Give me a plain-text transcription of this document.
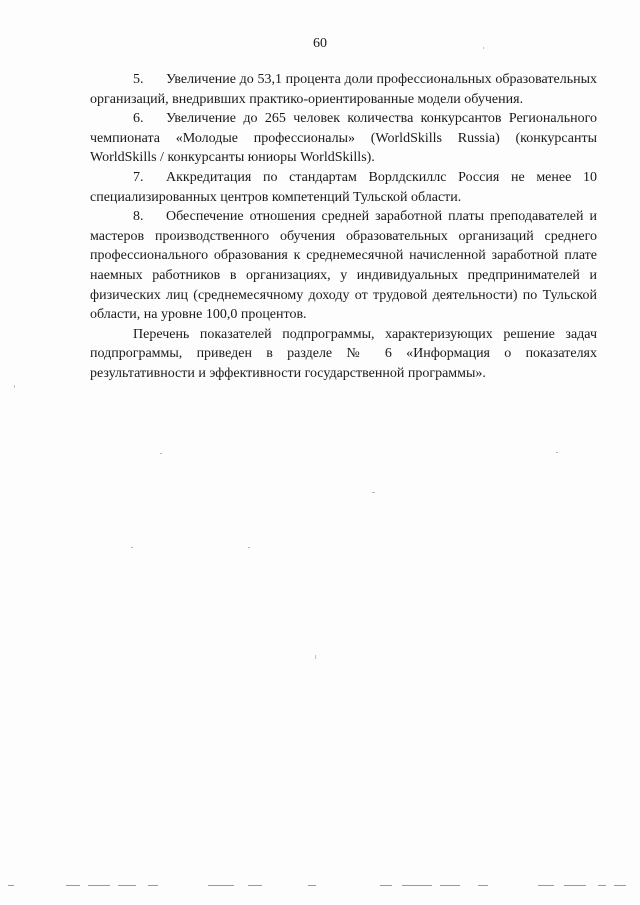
60

5. Увеличение до 53,1 процента доли профессиональных образовательных организаций, внедривших практико-ориентированные модели обучения.

6. Увеличение до 265 человек количества конкурсантов Регионального чемпионата «Молодые профессионалы» (WorldSkills Russia) (конкурсанты WorldSkills / конкурсанты юниоры WorldSkills).

7. Аккредитация по стандартам Ворлдскиллс Россия не менее 10 специализированных центров компетенций Тульской области.

8. Обеспечение отношения средней заработной платы преподавателей и мастеров производственного обучения образовательных организаций среднего профессионального образования к среднемесячной начисленной заработной плате наемных работников в организациях, у индивидуальных предпринимателей и физических лиц (среднемесячному доходу от трудовой деятельности) по Тульской области, на уровне 100,0 процентов.

Перечень показателей подпрограммы, характеризующих решение задач подпрограммы, приведен в разделе № 6 «Информация о показателях результативности и эффективности государственной программы».
